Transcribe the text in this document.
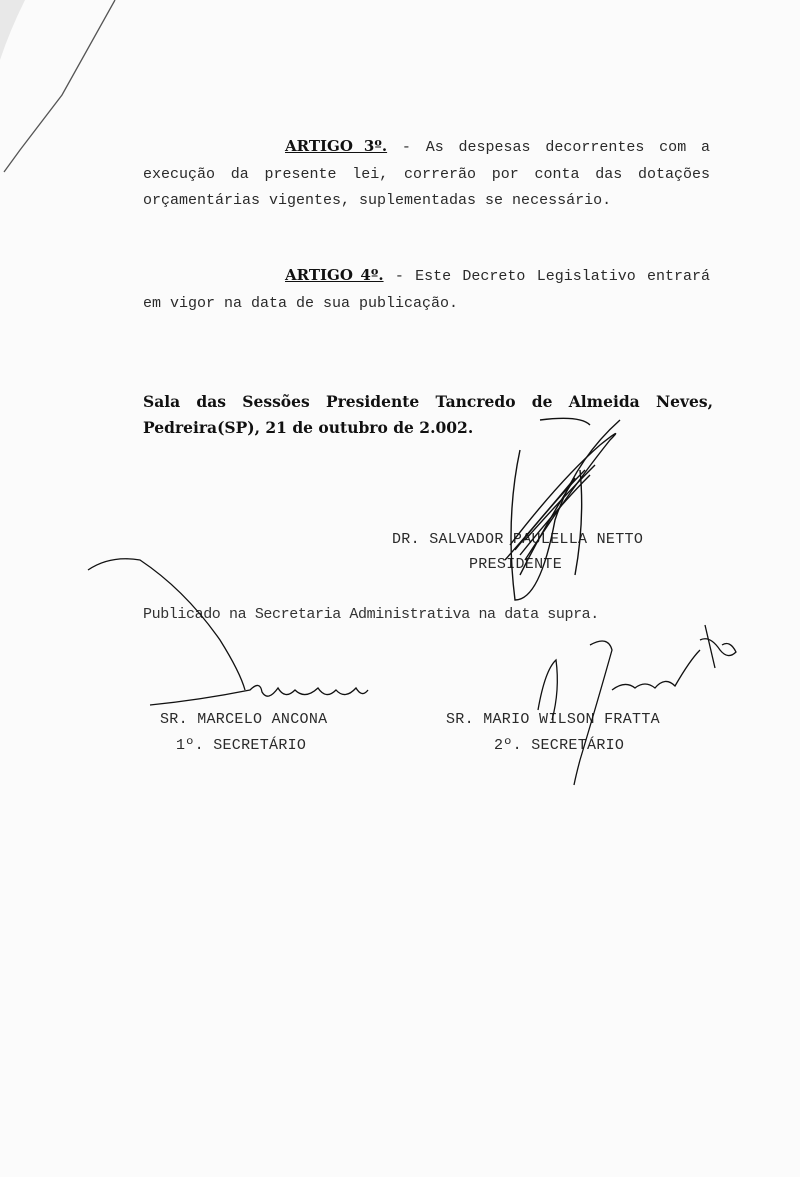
ARTIGO 3º. - As despesas decorrentes com a execução da presente lei, correrão por conta das dotações orçamentárias vigentes, suplementadas se necessário.
ARTIGO 4º. - Este Decreto Legislativo entrará em vigor na data de sua publicação.
Sala das Sessões Presidente Tancredo de Almeida Neves, Pedreira(SP), 21 de outubro de 2.002.
DR. SALVADOR PAULELLA NETTO
PRESIDENTE
Publicado na Secretaria Administrativa na data supra.
SR. MARCELO ANCONA
1º. SECRETÁRIO
SR. MARIO WILSON FRATTA
2º. SECRETÁRIO
